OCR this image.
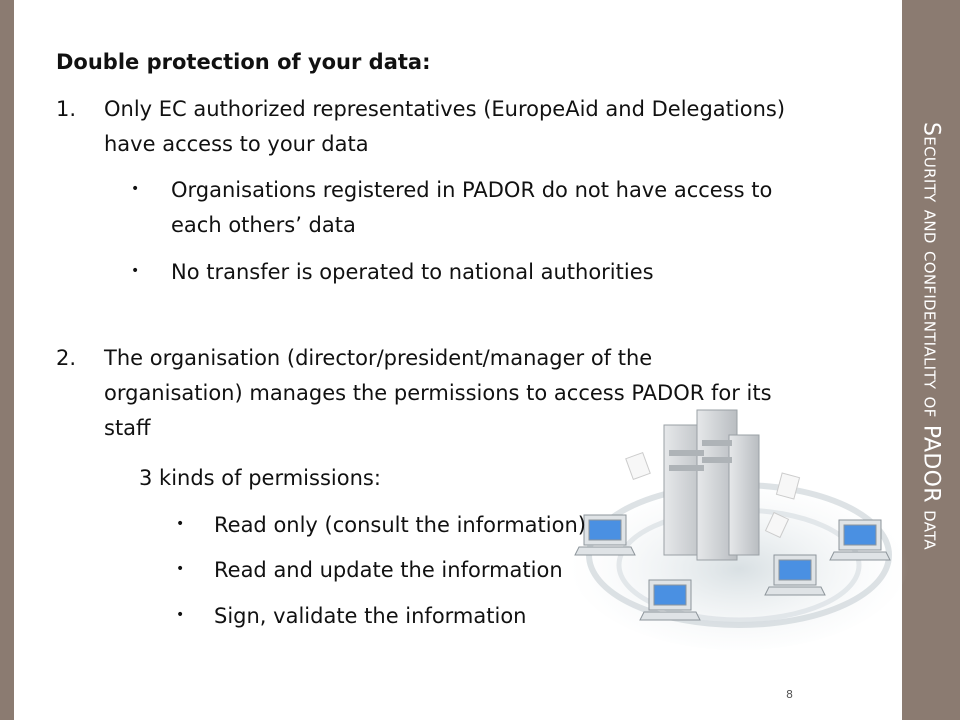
Double protection of your data:
1. Only EC authorized representatives (EuropeAid and Delegations)
have access to your data
• Organisations registered in PADOR do not have access to
each others’ data
• No transfer is operated to national authorities
2. The organisation (director/president/manager of the
organisation) manages the permissions to access PADOR for its
staff
3 kinds of permissions:
• Read only (consult the information)
• Read and update the information
• Sign, validate the information
8
Security and confidentiality of PADOR data
